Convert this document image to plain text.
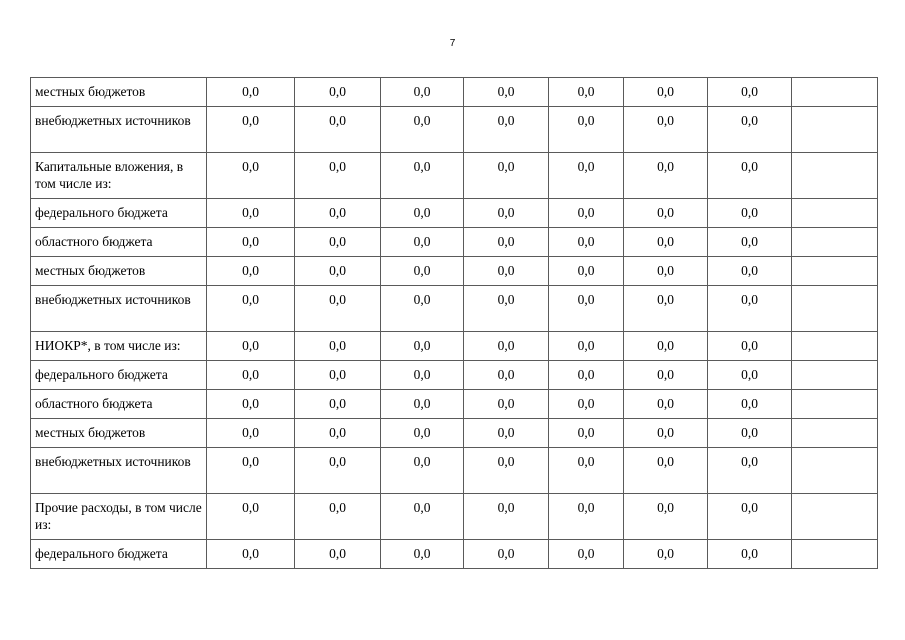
7
местных бюджетов	0,0	0,0	0,0	0,0	0,0	0,0	0,0	
внебюджетных источников	0,0	0,0	0,0	0,0	0,0	0,0	0,0	
Капитальные вложения, в том числе из:	0,0	0,0	0,0	0,0	0,0	0,0	0,0	
федерального бюджета	0,0	0,0	0,0	0,0	0,0	0,0	0,0	
областного бюджета	0,0	0,0	0,0	0,0	0,0	0,0	0,0	
местных бюджетов	0,0	0,0	0,0	0,0	0,0	0,0	0,0	
внебюджетных источников	0,0	0,0	0,0	0,0	0,0	0,0	0,0	
НИОКР*, в том числе из:	0,0	0,0	0,0	0,0	0,0	0,0	0,0	
федерального бюджета	0,0	0,0	0,0	0,0	0,0	0,0	0,0	
областного бюджета	0,0	0,0	0,0	0,0	0,0	0,0	0,0	
местных бюджетов	0,0	0,0	0,0	0,0	0,0	0,0	0,0	
внебюджетных источников	0,0	0,0	0,0	0,0	0,0	0,0	0,0	
Прочие расходы, в том числе из:	0,0	0,0	0,0	0,0	0,0	0,0	0,0	
федерального бюджета	0,0	0,0	0,0	0,0	0,0	0,0	0,0	
